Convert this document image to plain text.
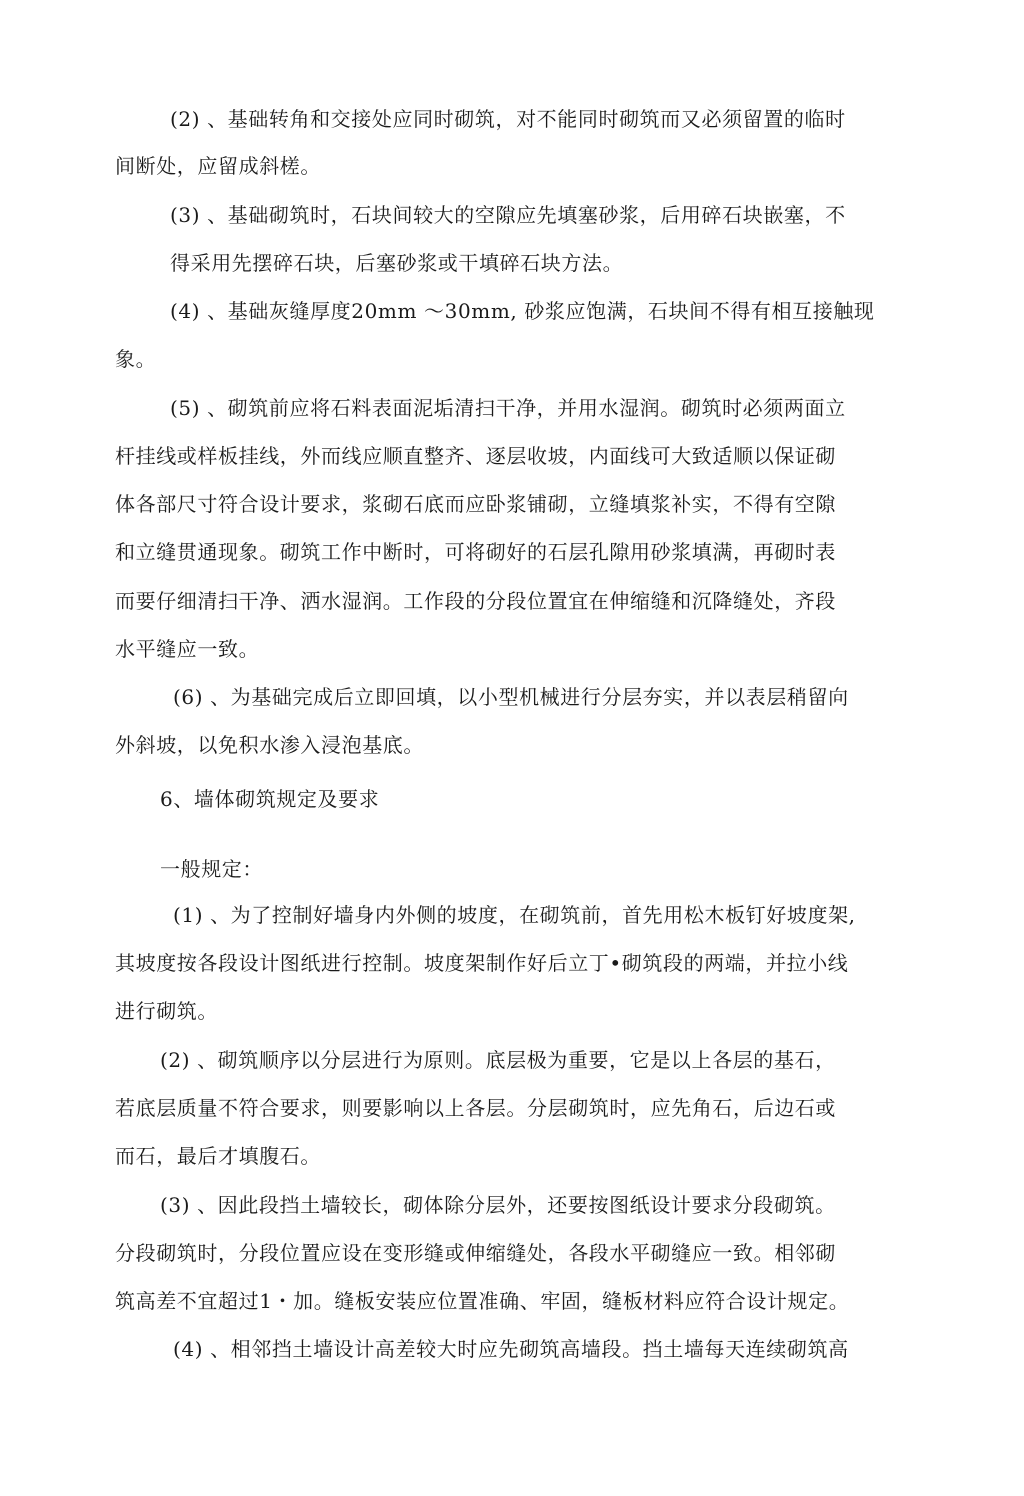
(2) 、基础转角和交接处应同时砌筑，对不能同时砌筑而又必须留置的临时
间断处，应留成斜槎。
(3) 、基础砌筑时，石块间较大的空隙应先填塞砂浆，后用碎石块嵌塞，不
得采用先摆碎石块，后塞砂浆或干填碎石块方法。
(4) 、基础灰缝厚度20mm ～30mm, 砂浆应饱满，石块间不得有相互接触现
象。
(5) 、砌筑前应将石料表面泥垢清扫干净，并用水湿润。砌筑时必须两面立
杆挂线或样板挂线，外而线应顺直整齐、逐层收坡，内面线可大致适顺以保证砌
体各部尺寸符合设计要求，浆砌石底而应卧浆铺砌，立缝填浆补实，不得有空隙
和立缝贯通现象。砌筑工作中断时，可将砌好的石层孔隙用砂浆填满，再砌时表
而要仔细清扫干净、洒水湿润。工作段的分段位置宜在伸缩缝和沉降缝处，齐段
水平缝应一致。
(6) 、为基础完成后立即回填，以小型机械进行分层夯实，并以表层稍留向
外斜坡，以免积水渗入浸泡基底。
6、墙体砌筑规定及要求
一般规定：
(1) 、为了控制好墙身内外侧的坡度，在砌筑前，首先用松木板钉好坡度架,
其坡度按各段设计图纸进行控制。坡度架制作好后立丁•砌筑段的两端，并拉小线
进行砌筑。
(2) 、砌筑顺序以分层进行为原则。底层极为重要，它是以上各层的基石，
若底层质量不符合要求，则要影响以上各层。分层砌筑时，应先角石，后边石或
而石，最后才填腹石。
(3) 、因此段挡土墙较长，砌体除分层外，还要按图纸设计要求分段砌筑。
分段砌筑时，分段位置应设在变形缝或伸缩缝处，各段水平砌缝应一致。相邻砌
筑高差不宜超过1・加。缝板安装应位置准确、牢固，缝板材料应符合设计规定。
(4) 、相邻挡土墙设计高差较大时应先砌筑高墙段。挡土墙每天连续砌筑高
